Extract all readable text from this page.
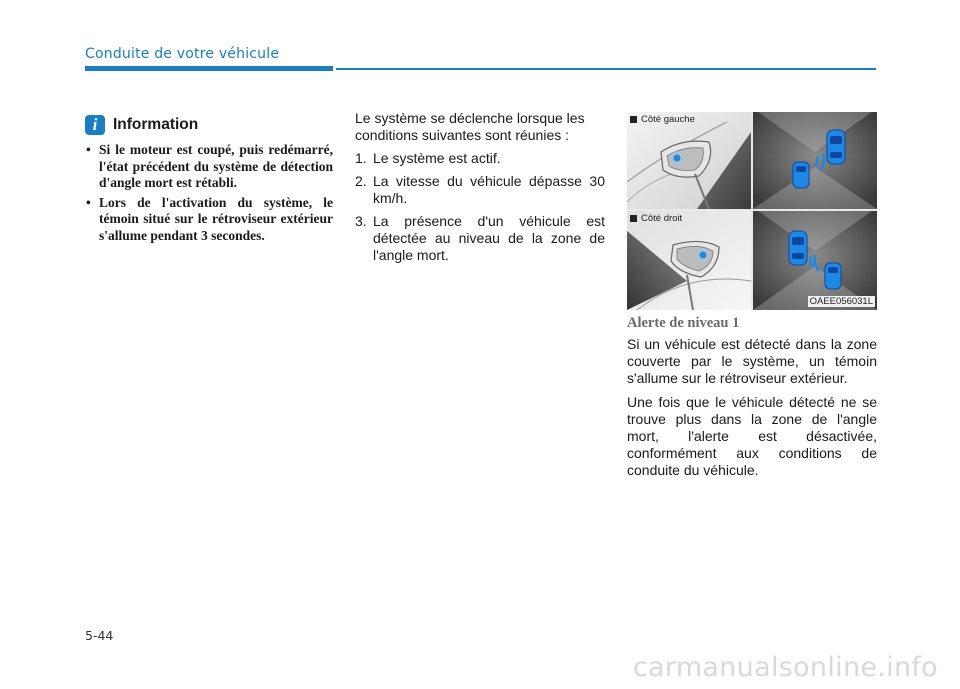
Conduite de votre véhicule
i	Information
• Si le moteur est coupé, puis redémarré, l'état précédent du système de détection d'angle mort est rétabli.
• Lors de l'activation du système, le témoin situé sur le rétroviseur extérieur s'allume pendant 3 secondes.

Le système se déclenche lorsque les conditions suivantes sont réunies :

1. Le système est actif.
2. La vitesse du véhicule dépasse 30 km/h.
3. La présence d'un véhicule est détectée au niveau de la zone de l'angle mort.
Côté gauche
Côté droit
OAEE056031L
Alerte de niveau 1

Si un véhicule est détecté dans la zone couverte par le système, un témoin s'allume sur le rétroviseur extérieur.

Une fois que le véhicule détecté ne se trouve plus dans la zone de l'angle mort, l'alerte est désactivée, conformément aux conditions de conduite du véhicule.

5-44
carmanualsonline.info
